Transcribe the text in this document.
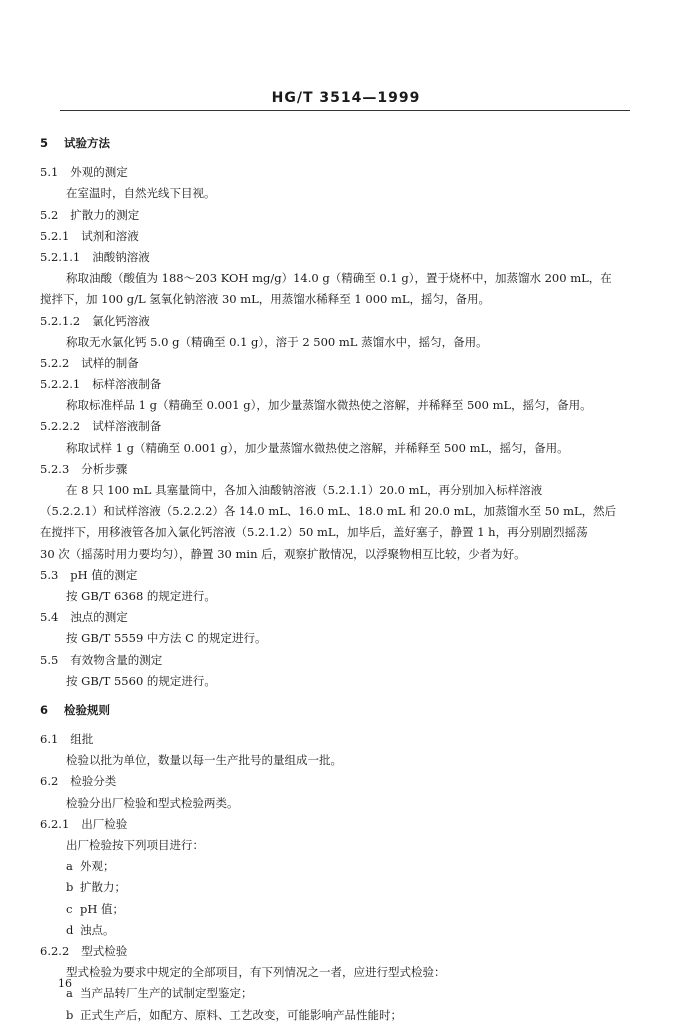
HG/T 3514—1999
5 试验方法
5.1 外观的测定
在室温时，自然光线下目视。
5.2 扩散力的测定
5.2.1 试剂和溶液
5.2.1.1 油酸钠溶液
称取油酸（酸值为 188～203 KOH mg/g）14.0 g（精确至 0.1 g），置于烧杯中，加蒸馏水 200 mL，在
搅拌下，加 100 g/L 氢氧化钠溶液 30 mL，用蒸馏水稀释至 1 000 mL，摇匀，备用。
5.2.1.2 氯化钙溶液
称取无水氯化钙 5.0 g（精确至 0.1 g），溶于 2 500 mL 蒸馏水中，摇匀，备用。
5.2.2 试样的制备
5.2.2.1 标样溶液制备
称取标准样品 1 g（精确至 0.001 g），加少量蒸馏水微热使之溶解，并稀释至 500 mL，摇匀，备用。
5.2.2.2 试样溶液制备
称取试样 1 g（精确至 0.001 g），加少量蒸馏水微热使之溶解，并稀释至 500 mL，摇匀，备用。
5.2.3 分析步骤
在 8 只 100 mL 具塞量筒中，各加入油酸钠溶液（5.2.1.1）20.0 mL，再分别加入标样溶液
（5.2.2.1）和试样溶液（5.2.2.2）各 14.0 mL、16.0 mL、18.0 mL 和 20.0 mL，加蒸馏水至 50 mL，然后
在搅拌下，用移液管各加入氯化钙溶液（5.2.1.2）50 mL，加毕后，盖好塞子，静置 1 h，再分别剧烈摇荡
30 次（摇荡时用力要均匀），静置 30 min 后，观察扩散情况，以浮聚物相互比较，少者为好。
5.3 pH 值的测定
按 GB/T 6368 的规定进行。
5.4 浊点的测定
按 GB/T 5559 中方法 C 的规定进行。
5.5 有效物含量的测定
按 GB/T 5560 的规定进行。
6 检验规则
6.1 组批
检验以批为单位，数量以每一生产批号的量组成一批。
6.2 检验分类
检验分出厂检验和型式检验两类。
6.2.1 出厂检验
出厂检验按下列项目进行：
a 外观；
b 扩散力；
c pH 值；
d 浊点。
6.2.2 型式检验
型式检验为要求中规定的全部项目，有下列情况之一者，应进行型式检验：
a 当产品转厂生产的试制定型鉴定；
b 正式生产后，如配方、原料、工艺改变，可能影响产品性能时；
16
